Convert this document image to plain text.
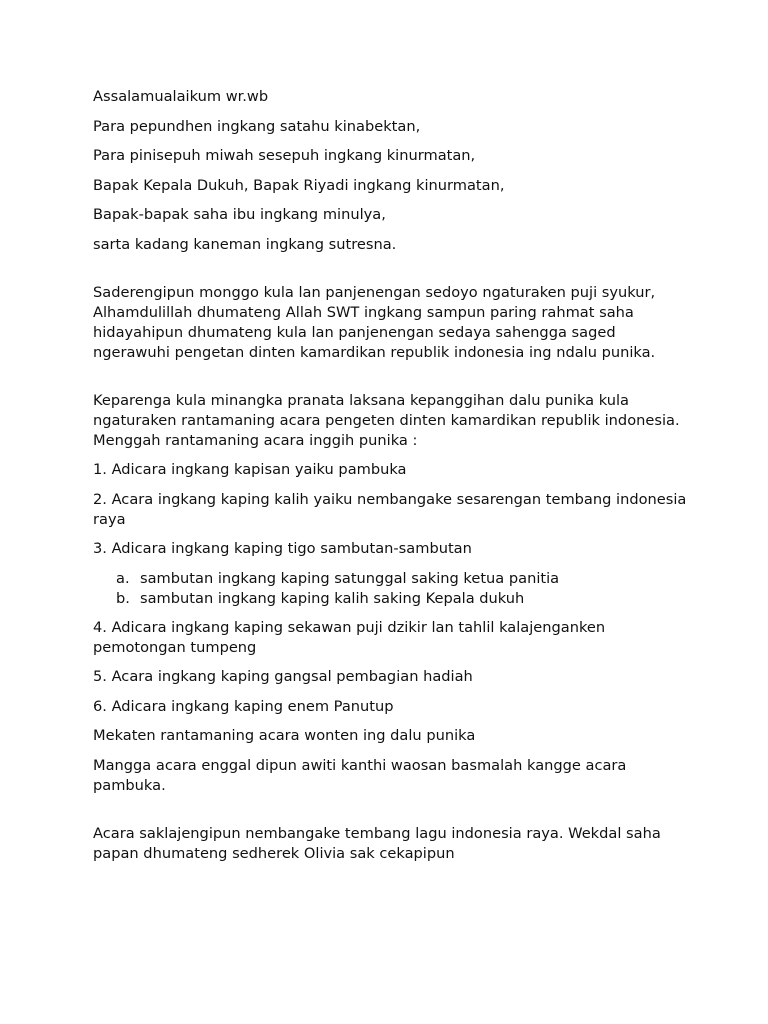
Assalamualaikum wr.wb

Para pepundhen ingkang satahu kinabektan,

Para pinisepuh miwah sesepuh ingkang kinurmatan,

Bapak Kepala Dukuh, Bapak Riyadi ingkang kinurmatan,

Bapak-bapak saha ibu ingkang minulya,

sarta kadang kaneman ingkang sutresna.

Saderengipun monggo kula lan panjenengan sedoyo ngaturaken puji syukur, Alhamdulillah dhumateng Allah SWT ingkang sampun paring rahmat saha hidayahipun dhumateng kula lan panjenengan sedaya sahengga saged ngerawuhi pengetan dinten kamardikan republik indonesia ing ndalu punika.

Keparenga kula minangka pranata laksana kepanggihan dalu punika kula ngaturaken rantamaning acara pengeten dinten kamardikan republik indonesia. Menggah rantamaning acara inggih punika :

1. Adicara ingkang kapisan yaiku pambuka

2. Acara ingkang kaping kalih yaiku nembangake sesarengan tembang indonesia raya

3. Adicara ingkang kaping tigo sambutan-sambutan

a. sambutan ingkang kaping satunggal saking ketua panitia
b. sambutan ingkang kaping kalih saking Kepala dukuh

4. Adicara ingkang kaping sekawan puji dzikir lan tahlil kalajenganken pemotongan tumpeng

5. Acara ingkang kaping gangsal pembagian hadiah

6. Adicara ingkang kaping enem Panutup

Mekaten rantamaning acara wonten ing dalu punika

Mangga acara enggal dipun awiti kanthi waosan basmalah kangge acara pambuka.

Acara saklajengipun nembangake tembang lagu indonesia raya. Wekdal saha papan dhumateng sedherek Olivia sak cekapipun
